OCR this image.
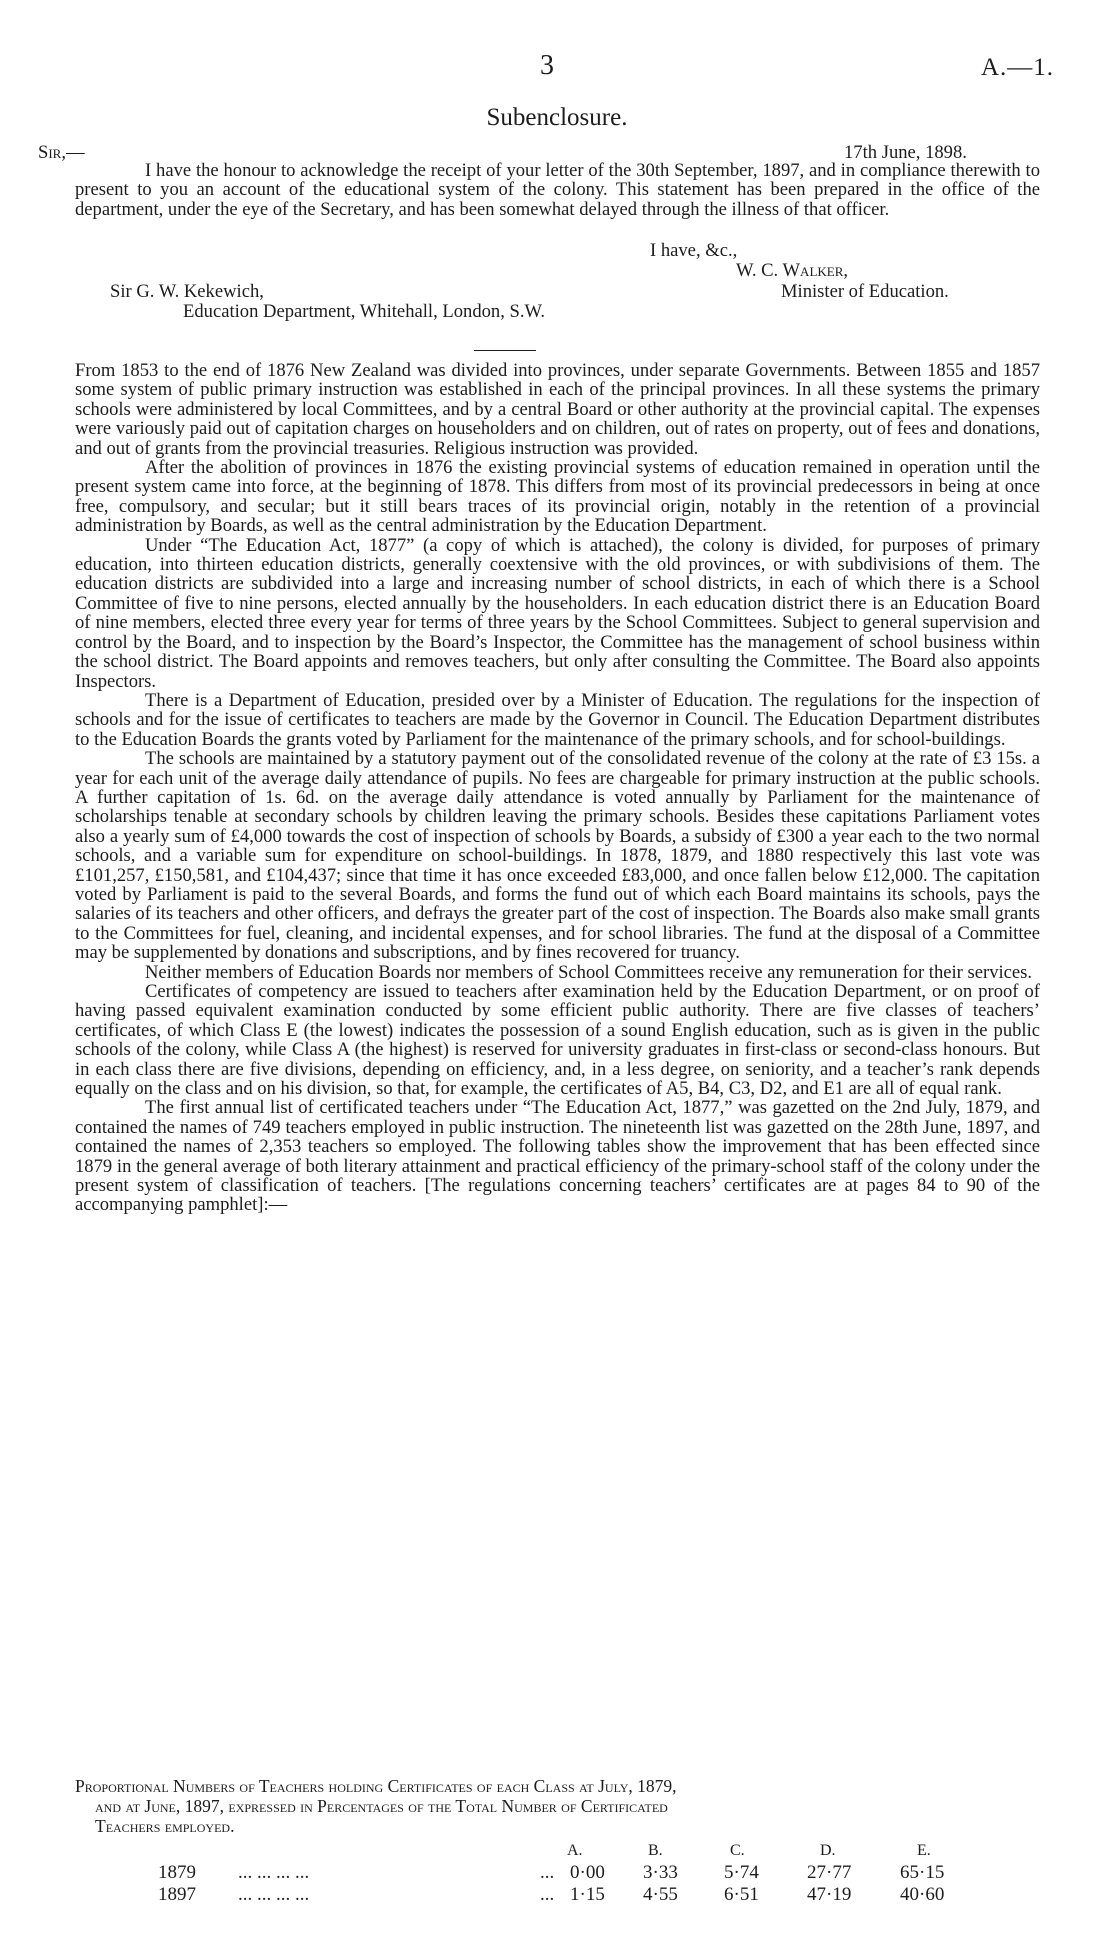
3	A.—1.
Subenclosure.
Sir,—	17th June, 1898.

I have the honour to acknowledge the receipt of your letter of the 30th September, 1897, and in compliance therewith to present to you an account of the educational system of the colony. This statement has been prepared in the office of the department, under the eye of the Secretary, and has been somewhat delayed through the illness of that officer.

I have, &c.,
W. C. Walker,
Sir G. W. Kekewich,	Minister of Education.
Education Department, Whitehall, London, S.W.

From 1853 to the end of 1876 New Zealand was divided into provinces, under separate Governments. Between 1855 and 1857 some system of public primary instruction was established in each of the principal provinces. In all these systems the primary schools were administered by local Committees, and by a central Board or other authority at the provincial capital. The expenses were variously paid out of capitation charges on householders and on children, out of rates on property, out of fees and donations, and out of grants from the provincial treasuries. Religious instruction was provided.

After the abolition of provinces in 1876 the existing provincial systems of education remained in operation until the present system came into force, at the beginning of 1878. This differs from most of its provincial predecessors in being at once free, compulsory, and secular; but it still bears traces of its provincial origin, notably in the retention of a provincial administration by Boards, as well as the central administration by the Education Department.

Under “The Education Act, 1877” (a copy of which is attached), the colony is divided, for purposes of primary education, into thirteen education districts, generally coextensive with the old provinces, or with subdivisions of them. The education districts are subdivided into a large and increasing number of school districts, in each of which there is a School Committee of five to nine persons, elected annually by the householders. In each education district there is an Education Board of nine members, elected three every year for terms of three years by the School Committees. Subject to general supervision and control by the Board, and to inspection by the Board’s Inspector, the Committee has the management of school business within the school district. The Board appoints and removes teachers, but only after consulting the Committee. The Board also appoints Inspectors.

There is a Department of Education, presided over by a Minister of Education. The regulations for the inspection of schools and for the issue of certificates to teachers are made by the Governor in Council. The Education Department distributes to the Education Boards the grants voted by Parliament for the maintenance of the primary schools, and for school-buildings.

The schools are maintained by a statutory payment out of the consolidated revenue of the colony at the rate of £3 15s. a year for each unit of the average daily attendance of pupils. No fees are chargeable for primary instruction at the public schools. A further capitation of 1s. 6d. on the average daily attendance is voted annually by Parliament for the maintenance of scholarships tenable at secondary schools by children leaving the primary schools. Besides these capitations Parliament votes also a yearly sum of £4,000 towards the cost of inspection of schools by Boards, a subsidy of £300 a year each to the two normal schools, and a variable sum for expenditure on school-buildings. In 1878, 1879, and 1880 respectively this last vote was £101,257, £150,581, and £104,437; since that time it has once exceeded £83,000, and once fallen below £12,000. The capitation voted by Parliament is paid to the several Boards, and forms the fund out of which each Board maintains its schools, pays the salaries of its teachers and other officers, and defrays the greater part of the cost of inspection. The Boards also make small grants to the Committees for fuel, cleaning, and incidental expenses, and for school libraries. The fund at the disposal of a Committee may be supplemented by donations and subscriptions, and by fines recovered for truancy.

Neither members of Education Boards nor members of School Committees receive any remuneration for their services.

Certificates of competency are issued to teachers after examination held by the Education Department, or on proof of having passed equivalent examination conducted by some efficient public authority. There are five classes of teachers’ certificates, of which Class E (the lowest) indicates the possession of a sound English education, such as is given in the public schools of the colony, while Class A (the highest) is reserved for university graduates in first-class or second-class honours. But in each class there are five divisions, depending on efficiency, and, in a less degree, on seniority, and a teacher’s rank depends equally on the class and on his division, so that, for example, the certificates of A5, B4, C3, D2, and E1 are all of equal rank.

The first annual list of certificated teachers under “The Education Act, 1877,” was gazetted on the 2nd July, 1879, and contained the names of 749 teachers employed in public instruction. The nineteenth list was gazetted on the 28th June, 1897, and contained the names of 2,353 teachers so employed. The following tables show the improvement that has been effected since 1879 in the general average of both literary attainment and practical efficiency of the primary-school staff of the colony under the present system of classification of teachers. [The regulations concerning teachers’ certificates are at pages 84 to 90 of the accompanying pamphlet]:—

Proportional Numbers of Teachers holding Certificates of each Class at July, 1879,
and at June, 1897, expressed in Percentages of the Total Number of Certificated
Teachers employed.
A.	B.	C.	D.	E.
1879 ... ... ... ...	... 0·00 3·33 5·74	27·77	65·15
1897 ... ... ... ...	... 1·15 4·55 6·51	47·19	40·60
